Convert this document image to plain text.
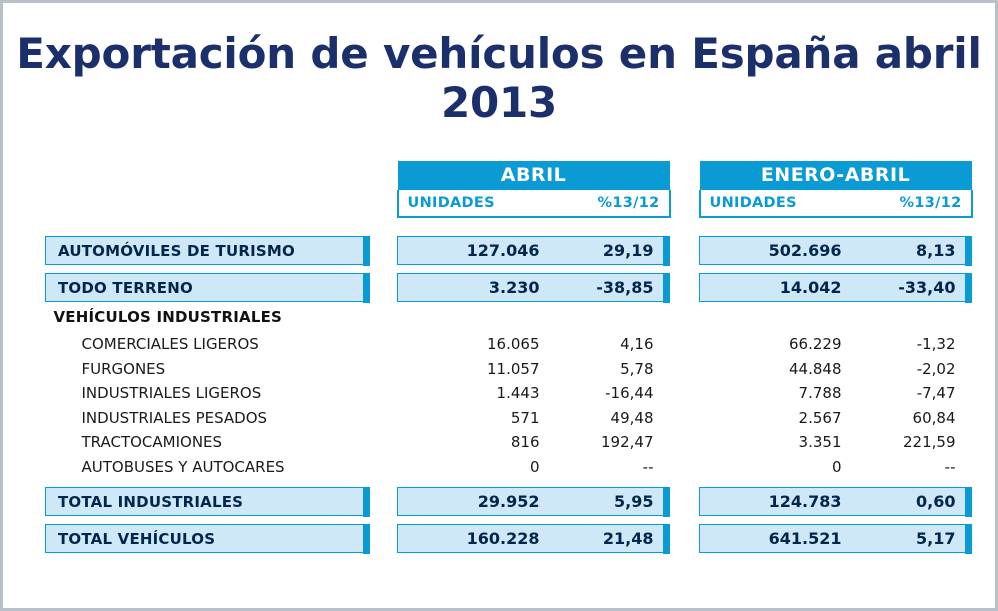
Exportación de vehículos en España abril 2013
		ABRIL			ENERO-ABRIL	

		UNIDADES %13/12			UNIDADES %13/12	

AUTOMÓVILES DE TURISMO		127.046	29,19		502.696	8,13

TODO TERRENO		3.230	-38,85		14.042	-33,40
VEHÍCULOS INDUSTRIALES						
COMERCIALES LIGEROS		16.065	4,16		66.229	-1,32
FURGONES		11.057	5,78		44.848	-2,02
INDUSTRIALES LIGEROS		1.443	-16,44		7.788	-7,47
INDUSTRIALES PESADOS		571	49,48		2.567	60,84
TRACTOCAMIONES		816	192,47		3.351	221,59
AUTOBUSES Y AUTOCARES		0	--		0	--

TOTAL INDUSTRIALES		29.952	5,95		124.783	0,60

TOTAL VEHÍCULOS		160.228	21,48		641.521	5,17
